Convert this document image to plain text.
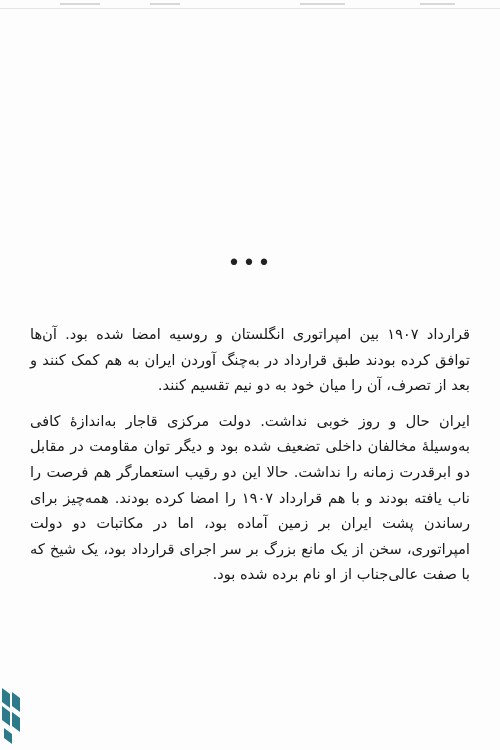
•••

قرارداد ۱۹۰۷ بین امپراتوری انگلستان و روسیه امضا شده بود. آن‌ها توافق کرده بودند طبق قرارداد در به‌چنگ آوردن ایران به هم کمک کنند و بعد از تصرف، آن را میان خود به دو نیم تقسیم کنند.

ایران حال و روز خوبی نداشت. دولت مرکزی قاجار به‌اندازهٔ کافی به‌وسیلهٔ مخالفان داخلی تضعیف شده بود و دیگر توان مقاومت در مقابل دو ابرقدرت زمانه را نداشت. حالا این دو رقیب استعمارگر هم فرصت را ناب یافته بودند و با هم قرارداد ۱۹۰۷ را امضا کرده بودند. همه‌چیز برای رساندن پشت ایران بر زمین آماده بود، اما در مکاتبات دو دولت امپراتوری، سخن از یک مانع بزرگ بر سر اجرای قرارداد بود، یک شیخ که با صفت عالی‌جناب از او نام برده شده بود.
